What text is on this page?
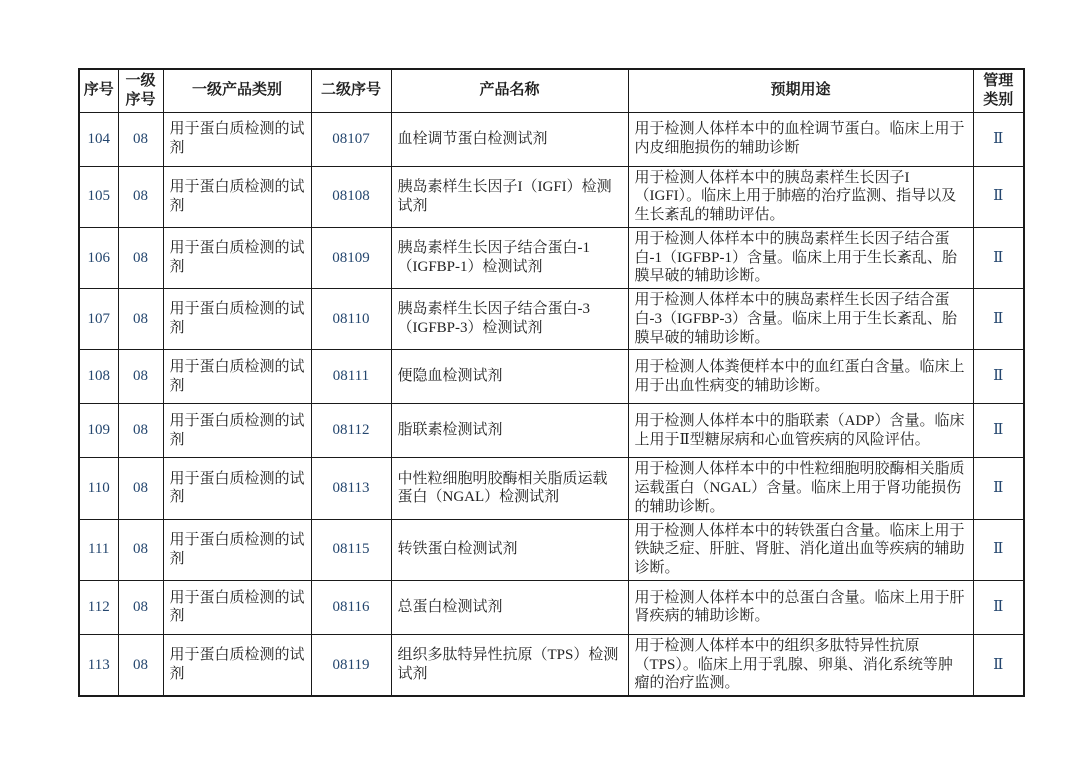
序号	一级序号	一级产品类别	二级序号	产品名称	预期用途	管理类别
104	08	用于蛋白质检测的试剂	08107	血栓调节蛋白检测试剂	用于检测人体样本中的血栓调节蛋白。临床上用于内皮细胞损伤的辅助诊断	Ⅱ
105	08	用于蛋白质检测的试剂	08108	胰岛素样生长因子I（IGFI）检测试剂	用于检测人体样本中的胰岛素样生长因子I（IGFI）。临床上用于肺癌的治疗监测、指导以及生长紊乱的辅助评估。	Ⅱ
106	08	用于蛋白质检测的试剂	08109	胰岛素样生长因子结合蛋白-1（IGFBP-1）检测试剂	用于检测人体样本中的胰岛素样生长因子结合蛋白-1（IGFBP-1）含量。临床上用于生长紊乱、胎膜早破的辅助诊断。	Ⅱ
107	08	用于蛋白质检测的试剂	08110	胰岛素样生长因子结合蛋白-3（IGFBP-3）检测试剂	用于检测人体样本中的胰岛素样生长因子结合蛋白-3（IGFBP-3）含量。临床上用于生长紊乱、胎膜早破的辅助诊断。	Ⅱ
108	08	用于蛋白质检测的试剂	08111	便隐血检测试剂	用于检测人体粪便样本中的血红蛋白含量。临床上用于出血性病变的辅助诊断。	Ⅱ
109	08	用于蛋白质检测的试剂	08112	脂联素检测试剂	用于检测人体样本中的脂联素（ADP）含量。临床上用于Ⅱ型糖尿病和心血管疾病的风险评估。	Ⅱ
110	08	用于蛋白质检测的试剂	08113	中性粒细胞明胶酶相关脂质运载蛋白（NGAL）检测试剂	用于检测人体样本中的中性粒细胞明胶酶相关脂质运载蛋白（NGAL）含量。临床上用于肾功能损伤的辅助诊断。	Ⅱ
111	08	用于蛋白质检测的试剂	08115	转铁蛋白检测试剂	用于检测人体样本中的转铁蛋白含量。临床上用于铁缺乏症、肝脏、肾脏、消化道出血等疾病的辅助诊断。	Ⅱ
112	08	用于蛋白质检测的试剂	08116	总蛋白检测试剂	用于检测人体样本中的总蛋白含量。临床上用于肝肾疾病的辅助诊断。	Ⅱ
113	08	用于蛋白质检测的试剂	08119	组织多肽特异性抗原（TPS）检测试剂	用于检测人体样本中的组织多肽特异性抗原（TPS）。临床上用于乳腺、卵巢、消化系统等肿瘤的治疗监测。	Ⅱ
